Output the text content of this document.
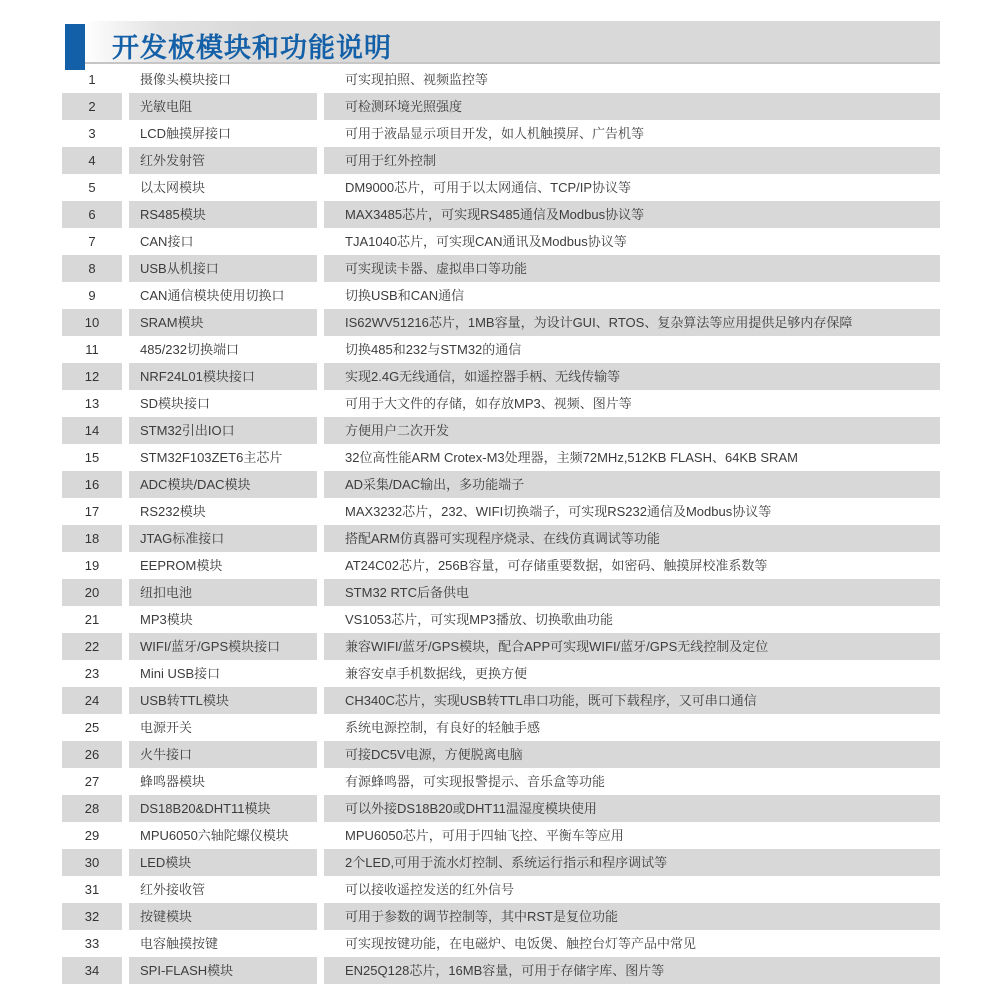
开发板模块和功能说明
1	摄像头模块接口	可实现拍照、视频监控等
2	光敏电阻	可检测环境光照强度
3	LCD触摸屏接口	可用于液晶显示项目开发，如人机触摸屏、广告机等
4	红外发射管	可用于红外控制
5	以太网模块	DM9000芯片，可用于以太网通信、TCP/IP协议等
6	RS485模块	MAX3485芯片，可实现RS485通信及Modbus协议等
7	CAN接口	TJA1040芯片，可实现CAN通讯及Modbus协议等
8	USB从机接口	可实现读卡器、虚拟串口等功能
9	CAN通信模块使用切换口	切换USB和CAN通信
10	SRAM模块	IS62WV51216芯片，1MB容量，为设计GUI、RTOS、复杂算法等应用提供足够内存保障
11	485/232切换端口	切换485和232与STM32的通信
12	NRF24L01模块接口	实现2.4G无线通信，如遥控器手柄、无线传输等
13	SD模块接口	可用于大文件的存储，如存放MP3、视频、图片等
14	STM32引出IO口	方便用户二次开发
15	STM32F103ZET6主芯片	32位高性能ARM Crotex-M3处理器，主频72MHz,512KB FLASH、64KB SRAM
16	ADC模块/DAC模块	AD采集/DAC输出，多功能端子
17	RS232模块	MAX3232芯片，232、WIFI切换端子，可实现RS232通信及Modbus协议等
18	JTAG标准接口	搭配ARM仿真器可实现程序烧录、在线仿真调试等功能
19	EEPROM模块	AT24C02芯片，256B容量，可存储重要数据，如密码、触摸屏校准系数等
20	纽扣电池	STM32 RTC后备供电
21	MP3模块	VS1053芯片，可实现MP3播放、切换歌曲功能
22	WIFI/蓝牙/GPS模块接口	兼容WIFI/蓝牙/GPS模块，配合APP可实现WIFI/蓝牙/GPS无线控制及定位
23	Mini USB接口	兼容安卓手机数据线，更换方便
24	USB转TTL模块	CH340C芯片，实现USB转TTL串口功能，既可下载程序，又可串口通信
25	电源开关	系统电源控制，有良好的轻触手感
26	火牛接口	可接DC5V电源，方便脱离电脑
27	蜂鸣器模块	有源蜂鸣器，可实现报警提示、音乐盒等功能
28	DS18B20&DHT11模块	可以外接DS18B20或DHT11温湿度模块使用
29	MPU6050六轴陀螺仪模块	MPU6050芯片，可用于四轴飞控、平衡车等应用
30	LED模块	2个LED,可用于流水灯控制、系统运行指示和程序调试等
31	红外接收管	可以接收遥控发送的红外信号
32	按键模块	可用于参数的调节控制等，其中RST是复位功能
33	电容触摸按键	可实现按键功能，在电磁炉、电饭煲、触控台灯等产品中常见
34	SPI-FLASH模块	EN25Q128芯片，16MB容量，可用于存储字库、图片等
